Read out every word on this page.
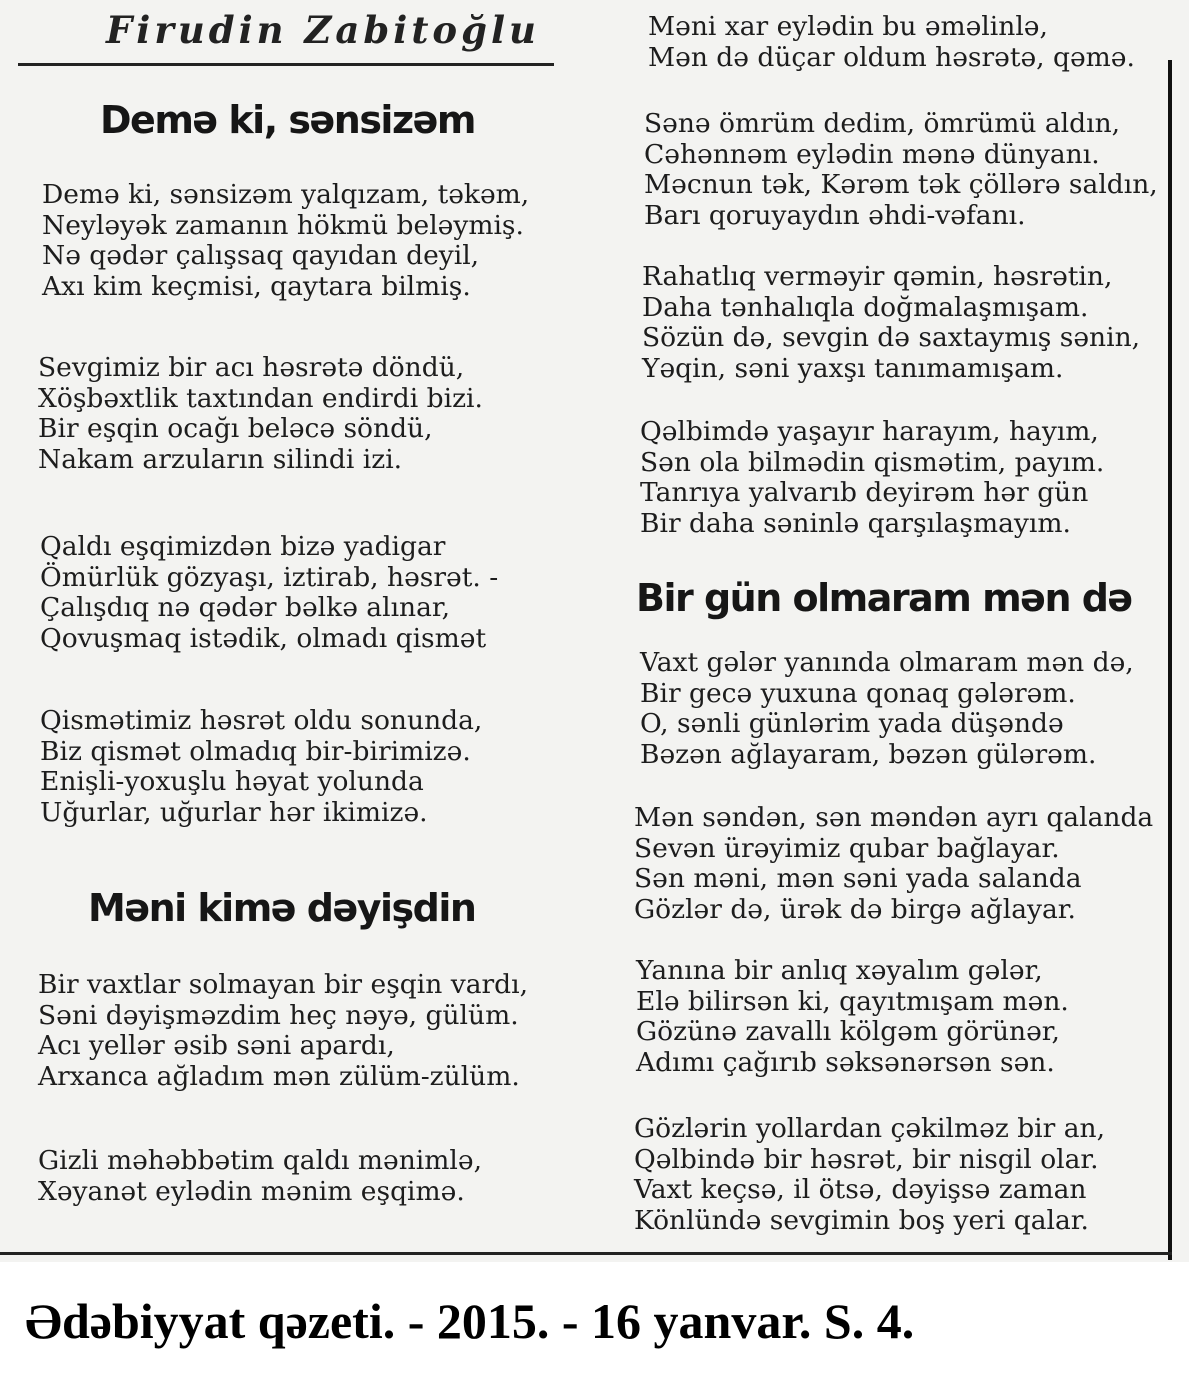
Firudin Zabitoğlu
Demə ki, sənsizəm
Demə ki, sənsizəm yalqızam, təkəm,
Neyləyək zamanın hökmü beləymiş.
Nə qədər çalışsaq qayıdan deyil,
Axı kim keçmisi, qaytara bilmiş.
Sevgimiz bir acı həsrətə döndü,
Xöşbəxtlik taxtından endirdi bizi.
Bir eşqin ocağı beləcə söndü,
Nakam arzuların silindi izi.
Qaldı eşqimizdən bizə yadigar
Ömürlük gözyaşı, iztirab, həsrət. -
Çalışdıq nə qədər bəlkə alınar,
Qovuşmaq istədik, olmadı qismət
Qismətimiz həsrət oldu sonunda,
Biz qismət olmadıq bir-birimizə.
Enişli-yoxuşlu həyat yolunda
Uğurlar, uğurlar hər ikimizə.
Məni kimə dəyişdin
Bir vaxtlar solmayan bir eşqin vardı,
Səni dəyişməzdim heç nəyə, gülüm.
Acı yellər əsib səni apardı,
Arxanca ağladım mən zülüm-zülüm.
Gizli məhəbbətim qaldı mənimlə,
Xəyanət eylədin mənim eşqimə.
Məni xar eylədin bu əməlinlə,
Mən də düçar oldum həsrətə, qəmə.
Sənə ömrüm dedim, ömrümü aldın,
Cəhənnəm eylədin mənə dünyanı.
Məcnun tək, Kərəm tək çöllərə saldın,
Barı qoruyaydın əhdi-vəfanı.
Rahatlıq verməyir qəmin, həsrətin,
Daha tənhalıqla doğmalaşmışam.
Sözün də, sevgin də saxtaymış sənin,
Yəqin, səni yaxşı tanımamışam.
Qəlbimdə yaşayır harayım, hayım,
Sən ola bilmədin qismətim, payım.
Tanrıya yalvarıb deyirəm hər gün
Bir daha səninlə qarşılaşmayım.
Bir gün olmaram mən də
Vaxt gələr yanında olmaram mən də,
Bir gecə yuxuna qonaq gələrəm.
O, sənli günlərim yada düşəndə
Bəzən ağlayaram, bəzən gülərəm.
Mən səndən, sən məndən ayrı qalanda
Sevən ürəyimiz qubar bağlayar.
Sən məni, mən səni yada salanda
Gözlər də, ürək də birgə ağlayar.
Yanına bir anlıq xəyalım gələr,
Elə bilirsən ki, qayıtmışam mən.
Gözünə zavallı kölgəm görünər,
Adımı çağırıb səksənərsən sən.
Gözlərin yollardan çəkilməz bir an,
Qəlbində bir həsrət, bir nisgil olar.
Vaxt keçsə, il ötsə, dəyişsə zaman
Könlündə sevgimin boş yeri qalar.

Ədəbiyyat qəzeti. - 2015. - 16 yanvar. S. 4.
